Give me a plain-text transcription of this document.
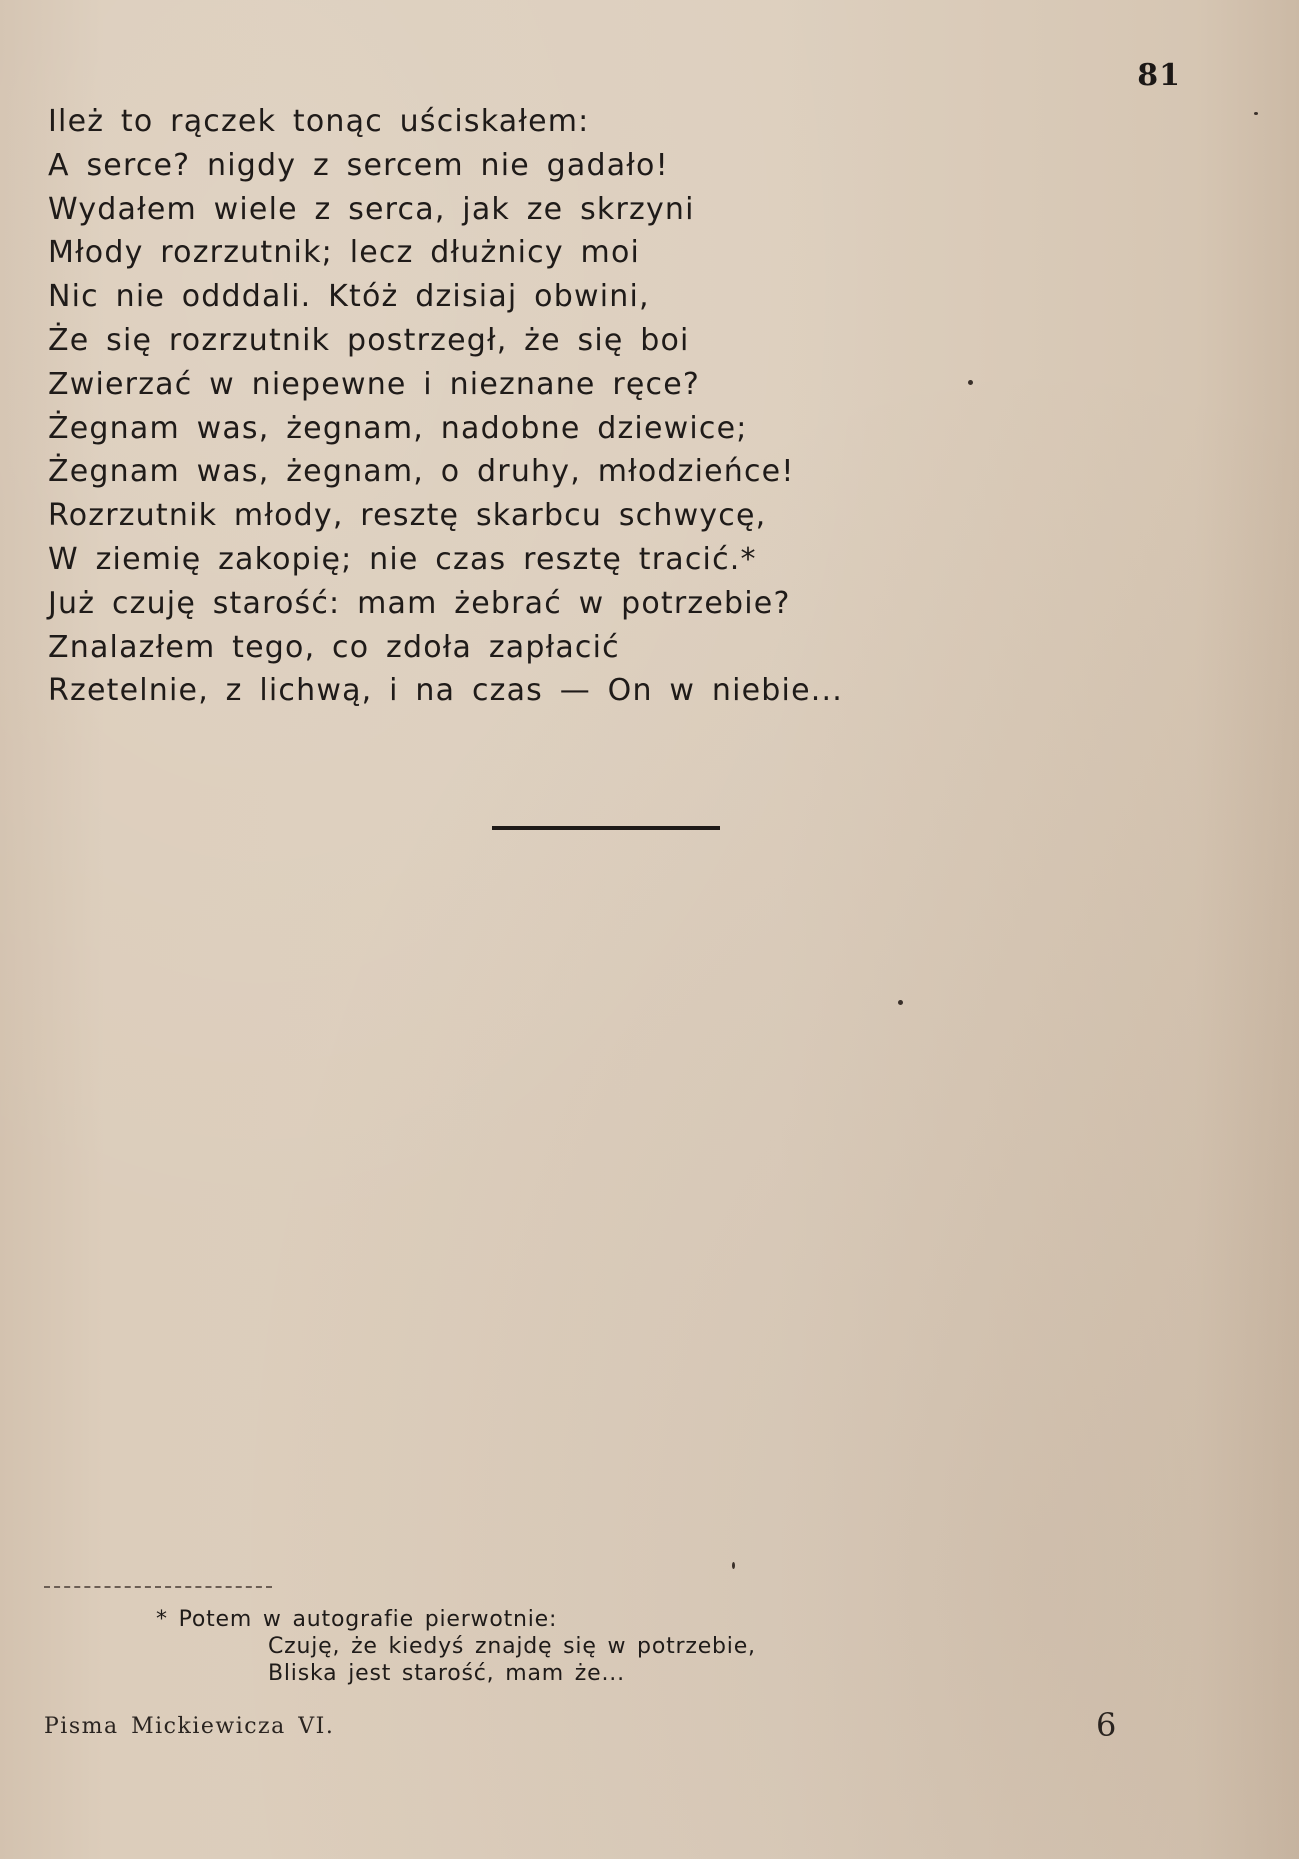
81
Ileż to rączek tonąc uściskałem:
A serce? nigdy z sercem nie gadało!
Wydałem wiele z serca, jak ze skrzyni
Młody rozrzutnik; lecz dłużnicy moi
Nic nie odddali. Któż dzisiaj obwini,
Że się rozrzutnik postrzegł, że się boi
Zwierzać w niepewne i nieznane ręce?
Żegnam was, żegnam, nadobne dziewice;
Żegnam was, żegnam, o druhy, młodzieńce!
Rozrzutnik młody, resztę skarbcu schwycę,
W ziemię zakopię; nie czas resztę tracić.*
Już czuję starość: mam żebrać w potrzebie?
Znalazłem tego, co zdoła zapłacić
Rzetelnie, z lichwą, i na czas — On w niebie...
* Potem w autografie pierwotnie:
Czuję, że kiedyś znajdę się w potrzebie,
Bliska jest starość, mam że...
Pisma Mickiewicza VI.	6
